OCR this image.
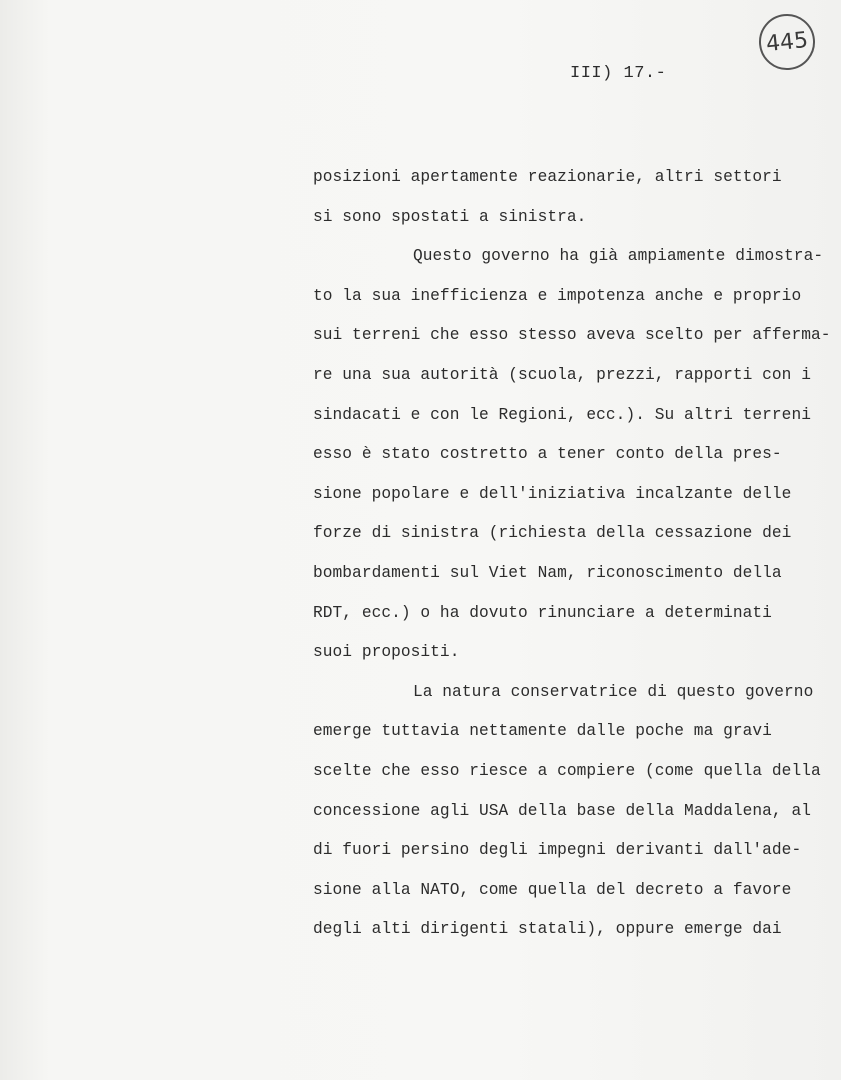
445
III) 17.-
posizioni apertamente reazionarie, altri settori
si sono spostati a sinistra.
Questo governo ha già ampiamente dimostra-
to la sua inefficienza e impotenza anche e proprio
sui terreni che esso stesso aveva scelto per afferma-
re una sua autorità (scuola, prezzi, rapporti con i
sindacati e con le Regioni, ecc.). Su altri terreni
esso è stato costretto a tener conto della pres-
sione popolare e dell'iniziativa incalzante delle
forze di sinistra (richiesta della cessazione dei
bombardamenti sul Viet Nam, riconoscimento della
RDT, ecc.) o ha dovuto rinunciare a determinati
suoi propositi.
La natura conservatrice di questo governo
emerge tuttavia nettamente dalle poche ma gravi
scelte che esso riesce a compiere (come quella della
concessione agli USA della base della Maddalena, al
di fuori persino degli impegni derivanti dall'ade-
sione alla NATO, come quella del decreto a favore
degli alti dirigenti statali), oppure emerge dai
